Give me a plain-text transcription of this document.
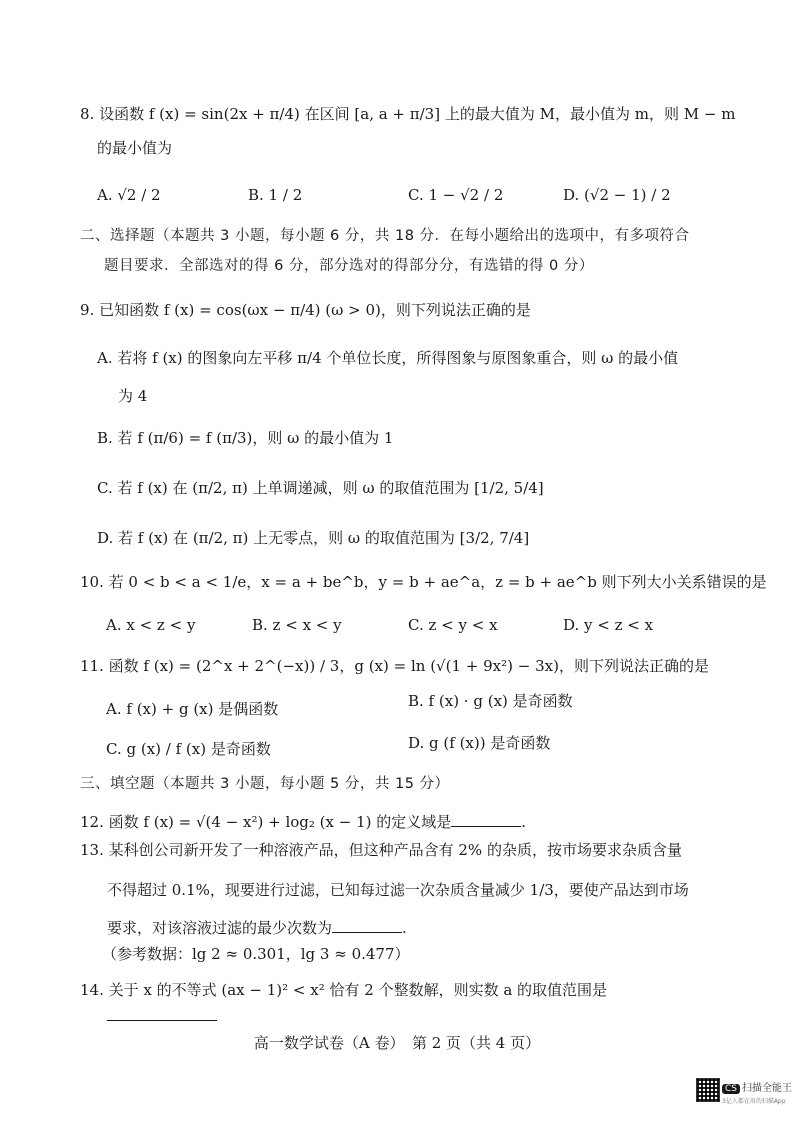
8. 设函数 f (x) = sin(2x + π/4) 在区间 [a, a + π/3] 上的最大值为 M，最小值为 m，则 M − m
的最小值为
A. √2 / 2	B. 1 / 2	C. 1 − √2 / 2	D. (√2 − 1) / 2
二、选择题（本题共 3 小题，每小题 6 分，共 18 分．在每小题给出的选项中，有多项符合
题目要求．全部选对的得 6 分，部分选对的得部分分，有选错的得 0 分）
9. 已知函数 f (x) = cos(ωx − π/4) (ω > 0)，则下列说法正确的是
A. 若将 f (x) 的图象向左平移 π/4 个单位长度，所得图象与原图象重合，则 ω 的最小值
为 4
B. 若 f (π/6) = f (π/3)，则 ω 的最小值为 1
C. 若 f (x) 在 (π/2, π) 上单调递减，则 ω 的取值范围为 [1/2, 5/4]
D. 若 f (x) 在 (π/2, π) 上无零点，则 ω 的取值范围为 [3/2, 7/4]
10. 若 0 < b < a < 1/e，x = a + be^b，y = b + ae^a，z = b + ae^b 则下列大小关系错误的是
A. x < z < y	B. z < x < y	C. z < y < x	D. y < z < x
11. 函数 f (x) = (2^x + 2^(−x)) / 3，g (x) = ln (√(1 + 9x²) − 3x)，则下列说法正确的是
A. f (x) + g (x) 是偶函数	B. f (x) · g (x) 是奇函数
C. g (x) / f (x) 是奇函数	D. g (f (x)) 是奇函数
三、填空题（本题共 3 小题，每小题 5 分，共 15 分）
12. 函数 f (x) = √(4 − x²) + log₂ (x − 1) 的定义域是	.
13. 某科创公司新开发了一种溶液产品，但这种产品含有 2% 的杂质，按市场要求杂质含量
不得超过 0.1%，现要进行过滤，已知每过滤一次杂质含量减少 1/3，要使产品达到市场
要求，对该溶液过滤的最少次数为	.
（参考数据：lg 2 ≈ 0.301，lg 3 ≈ 0.477）
14. 关于 x 的不等式 (ax − 1)² < x² 恰有 2 个整数解，则实数 a 的取值范围是
高一数学试卷（A 卷）　第 2 页（共 4 页）
CS 扫描全能王
3亿人都在用的扫描App
